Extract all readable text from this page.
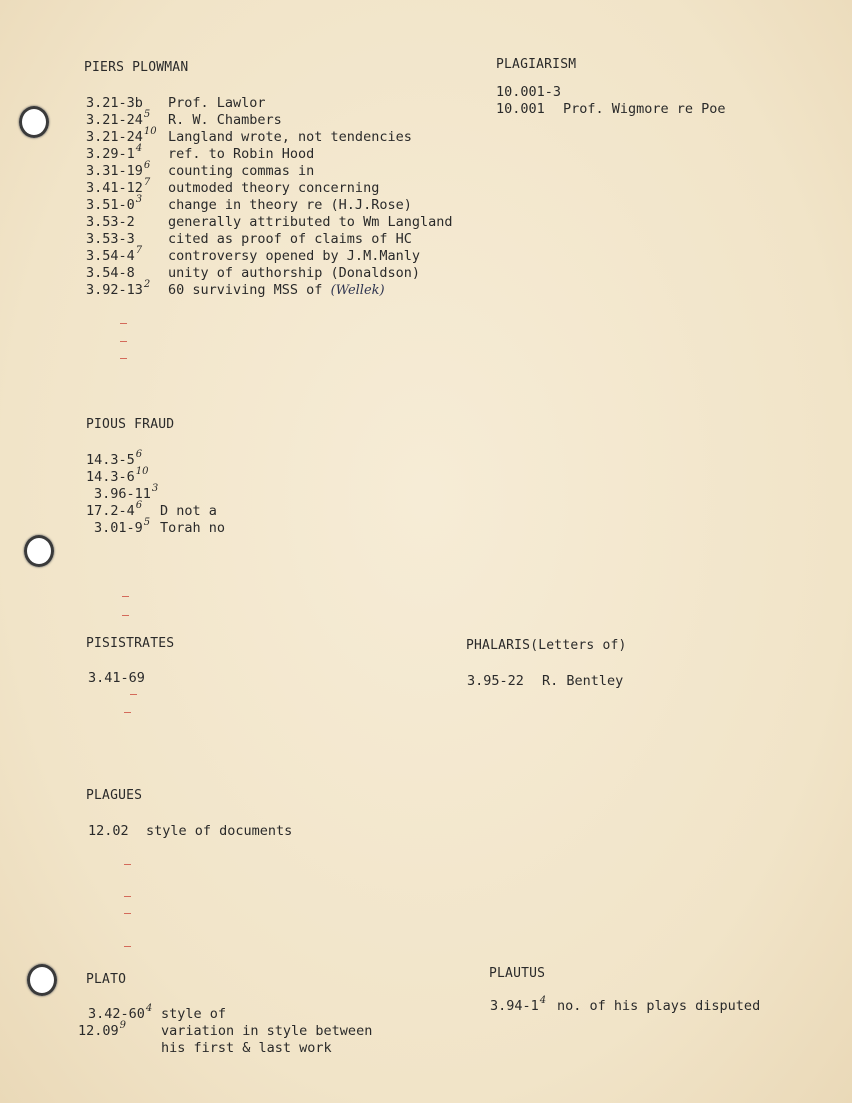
PIERS PLOWMAN
3.21-3b Prof. Lawlor
$3.21-24^5$ R. W. Chambers
$3.21-24^{10}$ Langland wrote, not tendencies
$3.29-1^4$ ref. to Robin Hood
$3.31-19^6$ counting commas in
$3.41-12^7$ outmoded theory concerning
$3.51-0^3$ change in theory re (H.J.Rose)
3.53-2 generally attributed to Wm Langland
3.53-3 cited as proof of claims of HC
$3.54-4^7$ controversy opened by J.M.Manly
3.54-8 unity of authorship (Donaldson)
$3.92-13^2$ 60 surviving MSS of (Wellek)
PLAGIARISM
10.001-3
10.001 Prof. Wigmore re Poe
PIOUS FRAUD
$14.3-5^6$
$14.3-6^{10}$
$3.96-11^3$
$17.2-4^6$ D not a
$3.01-9^5$ Torah no
PISISTRATES
3.41-69
PHALARIS(Letters of)
3.95-22 R. Bentley
PLAGUES
12.02 style of documents
PLATO
$3.42-60^4$ style of
12.09$^9$	variation in style between
his first & last work
PLAUTUS
$3.94-1^4$ no. of his plays disputed
